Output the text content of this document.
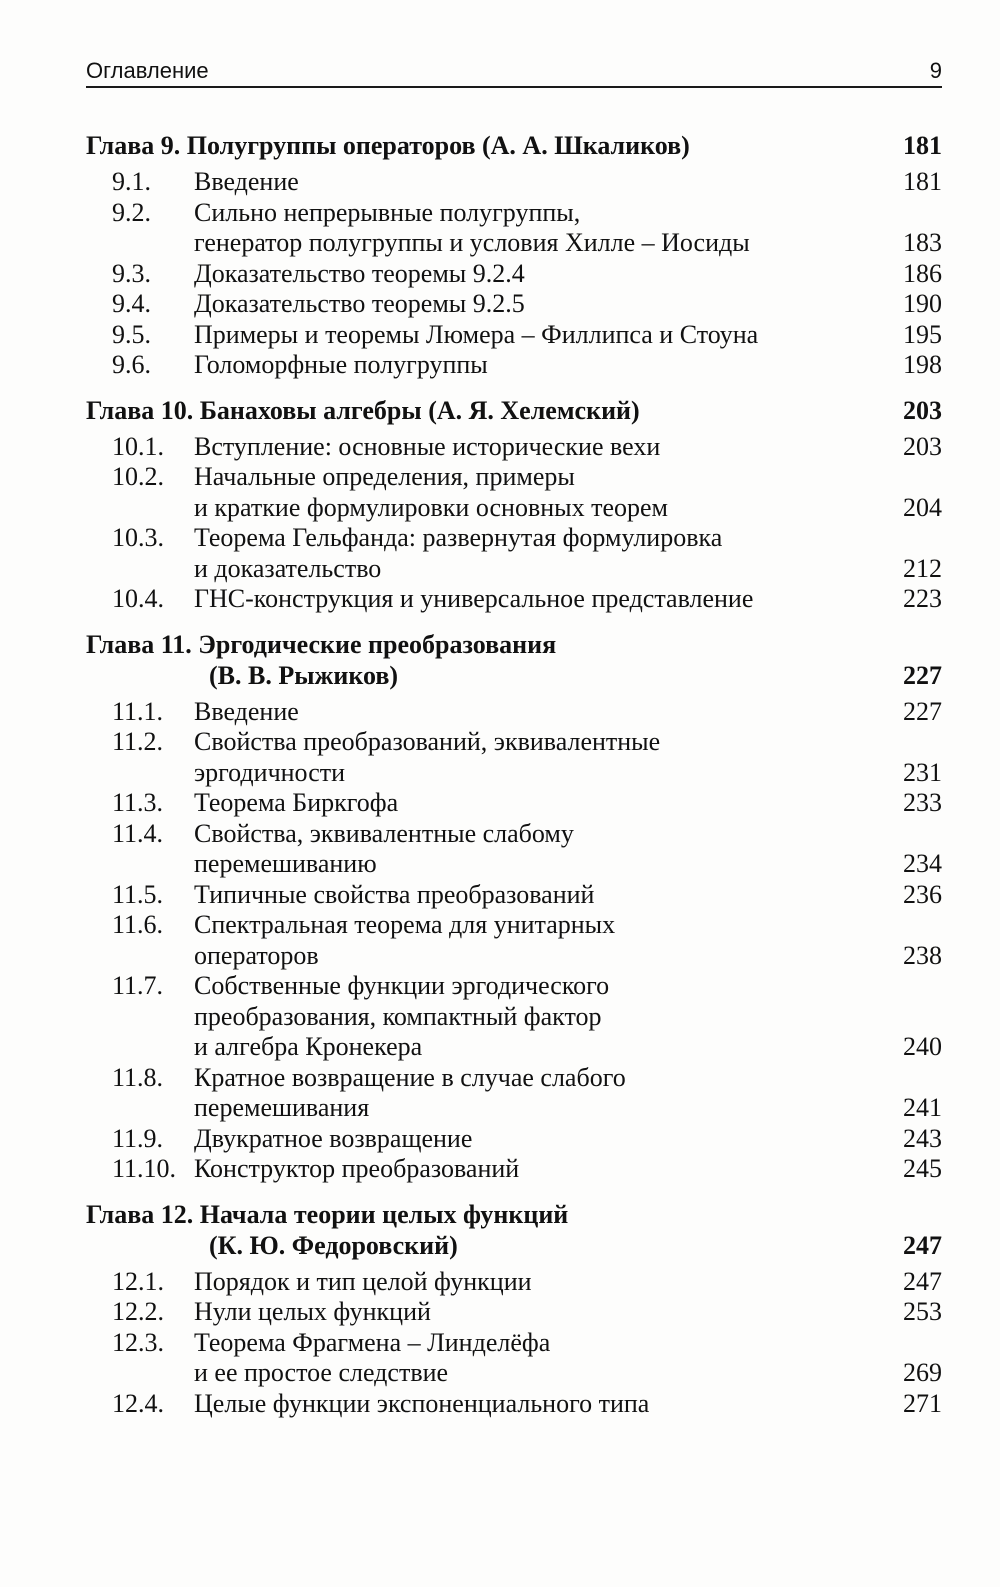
Оглавление	9
Глава 9. Полугруппы операторов (А. А. Шкаликов)	181
9.1.	Введение	181
9.2.	Сильно непрерывные полугруппы,
генератор полугруппы и условия Хилле – Иосиды	183
9.3.	Доказательство теоремы 9.2.4	186
9.4.	Доказательство теоремы 9.2.5	190
9.5.	Примеры и теоремы Люмера – Филлипса и Стоуна	195
9.6.	Голоморфные полугруппы	198
Глава 10. Банаховы алгебры (А. Я. Хелемский)	203
10.1.	Вступление: основные исторические вехи	203
10.2.	Начальные определения, примеры
и краткие формулировки основных теорем	204
10.3.	Теорема Гельфанда: развернутая формулировка
и доказательство	212
10.4.	ГНС-конструкция и универсальное представление	223
Глава 11. Эргодические преобразования
(В. В. Рыжиков)	227
11.1.	Введение	227
11.2.	Свойства преобразований, эквивалентные
эргодичности	231
11.3.	Теорема Биркгофа	233
11.4.	Свойства, эквивалентные слабому
перемешиванию	234
11.5.	Типичные свойства преобразований	236
11.6.	Спектральная теорема для унитарных
операторов	238
11.7.	Собственные функции эргодического
преобразования, компактный фактор
и алгебра Кронекера	240
11.8.	Кратное возвращение в случае слабого
перемешивания	241
11.9.	Двукратное возвращение	243
11.10. Конструктор преобразований	245
Глава 12. Начала теории целых функций
(К. Ю. Федоровский)	247
12.1.	Порядок и тип целой функции	247
12.2.	Нули целых функций	253
12.3.	Теорема Фрагмена – Линделёфа
и ее простое следствие	269
12.4.	Целые функции экспоненциального типа	271
